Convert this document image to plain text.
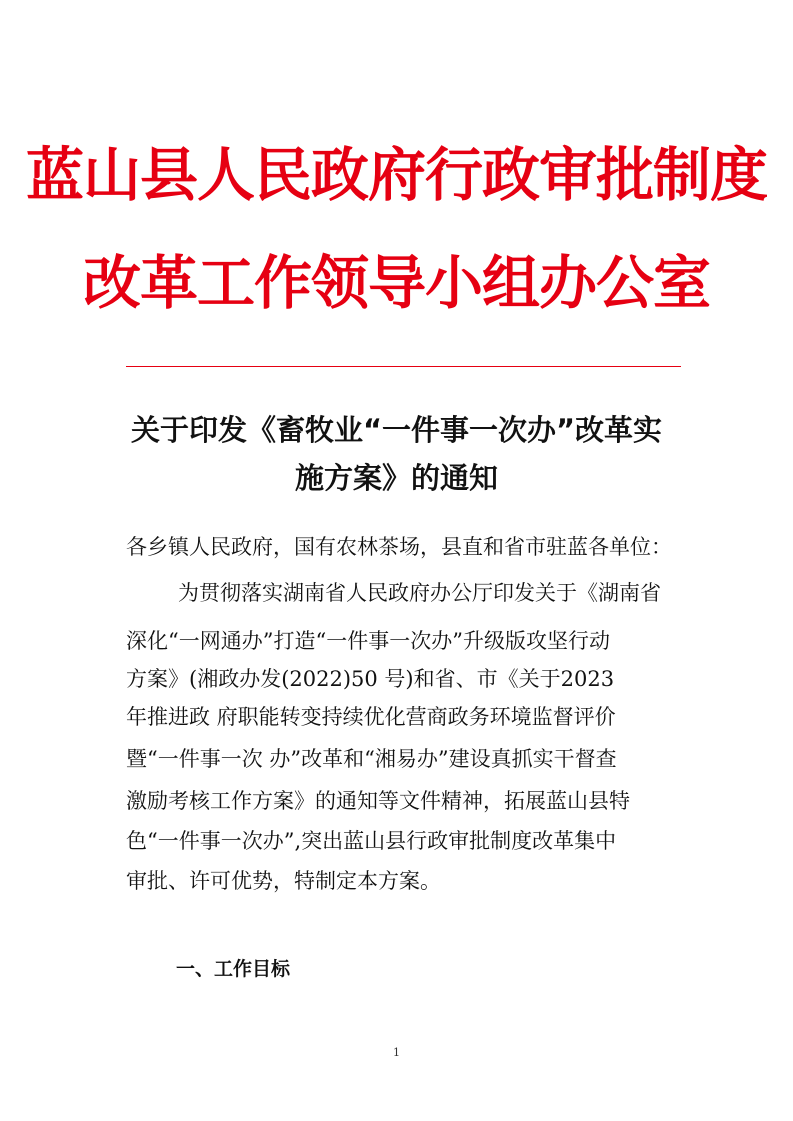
蓝山县人民政府行政审批制度
改革工作领导小组办公室
关于印发《畜牧业“一件事一次办”改革实
施方案》的通知
各乡镇人民政府，国有农林茶场，县直和省市驻蓝各单位：
为贯彻落实湖南省人民政府办公厅印发关于《湖南省
深化“一网通办”打造“一件事一次办”升级版攻坚行动
方案》(湘政办发(2022)50 号)和省、市《关于2023
年推进政 府职能转变持续优化营商政务环境监督评价
暨“一件事一次 办”改革和“湘易办”建设真抓实干督查
激励考核工作方案》的通知等文件精神，拓展蓝山县特
色“一件事一次办”,突出蓝山县行政审批制度改革集中
审批、许可优势，特制定本方案。
一、工作目标
1
